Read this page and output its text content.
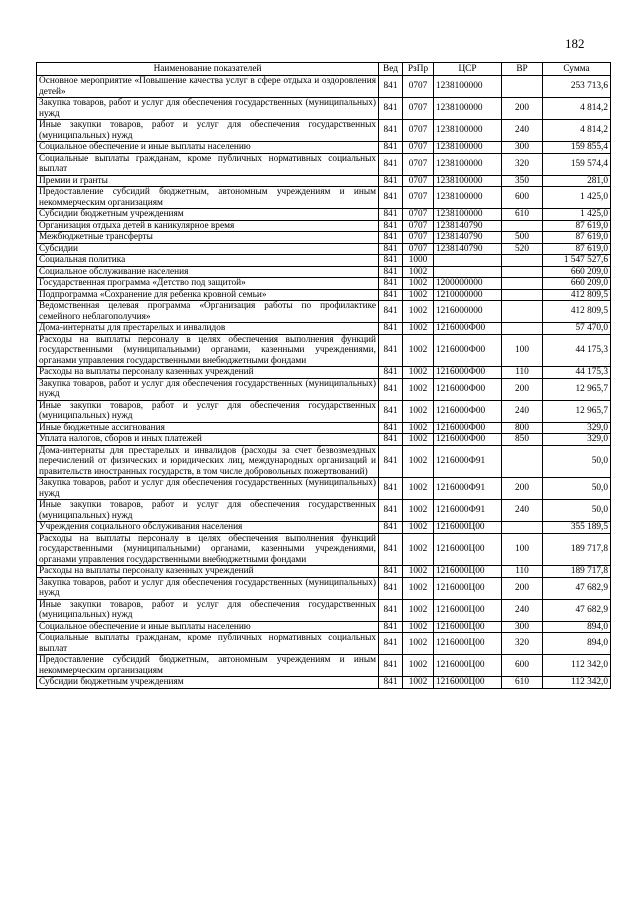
182
Наименование показателей	Вед	РзПр	ЦСР	ВР	Сумма
Основное мероприятие «Повышение качества услуг в сфере отдыха и оздоровления детей»	841	0707	1238100000		253 713,6
Закупка товаров, работ и услуг для обеспечения государственных (муниципальных) нужд	841	0707	1238100000	200	4 814,2
Иные закупки товаров, работ и услуг для обеспечения государственных (муниципальных) нужд	841	0707	1238100000	240	4 814,2
Социальное обеспечение и иные выплаты населению	841	0707	1238100000	300	159 855,4
Социальные выплаты гражданам, кроме публичных нормативных социальных выплат	841	0707	1238100000	320	159 574,4
Премии и гранты	841	0707	1238100000	350	281,0
Предоставление субсидий бюджетным, автономным учреждениям и иным некоммерческим организациям	841	0707	1238100000	600	1 425,0
Субсидии бюджетным учреждениям	841	0707	1238100000	610	1 425,0
Организация отдыха детей в каникулярное время	841	0707	1238140790		87 619,0
Межбюджетные трансферты	841	0707	1238140790	500	87 619,0
Субсидии	841	0707	1238140790	520	87 619,0
Социальная политика	841	1000			1 547 527,6
Социальное обслуживание населения	841	1002			660 209,0
Государственная программа «Детство под защитой»	841	1002	1200000000		660 209,0
Подпрограмма «Сохранение для ребенка кровной семьи»	841	1002	1210000000		412 809,5
Ведомственная целевая программа «Организация работы по профилактике семейного неблагополучия»	841	1002	1216000000		412 809,5
Дома-интернаты для престарелых и инвалидов	841	1002	1216000Ф00		57 470,0
Расходы на выплаты персоналу в целях обеспечения выполнения функций государственными (муниципальными) органами, казенными учреждениями, органами управления государственными внебюджетными фондами	841	1002	1216000Ф00	100	44 175,3
Расходы на выплаты персоналу казенных учреждений	841	1002	1216000Ф00	110	44 175,3
Закупка товаров, работ и услуг для обеспечения государственных (муниципальных) нужд	841	1002	1216000Ф00	200	12 965,7
Иные закупки товаров, работ и услуг для обеспечения государственных (муниципальных) нужд	841	1002	1216000Ф00	240	12 965,7
Иные бюджетные ассигнования	841	1002	1216000Ф00	800	329,0
Уплата налогов, сборов и иных платежей	841	1002	1216000Ф00	850	329,0
Дома-интернаты для престарелых и инвалидов (расходы за счет безвозмездных перечислений от физических и юридических лиц, международных организаций и правительств иностранных государств, в том числе добровольных пожертвований)	841	1002	1216000Ф91		50,0
Закупка товаров, работ и услуг для обеспечения государственных (муниципальных) нужд	841	1002	1216000Ф91	200	50,0
Иные закупки товаров, работ и услуг для обеспечения государственных (муниципальных) нужд	841	1002	1216000Ф91	240	50,0
Учреждения социального обслуживания населения	841	1002	1216000Ц00		355 189,5
Расходы на выплаты персоналу в целях обеспечения выполнения функций государственными (муниципальными) органами, казенными учреждениями, органами управления государственными внебюджетными фондами	841	1002	1216000Ц00	100	189 717,8
Расходы на выплаты персоналу казенных учреждений	841	1002	1216000Ц00	110	189 717,8
Закупка товаров, работ и услуг для обеспечения государственных (муниципальных) нужд	841	1002	1216000Ц00	200	47 682,9
Иные закупки товаров, работ и услуг для обеспечения государственных (муниципальных) нужд	841	1002	1216000Ц00	240	47 682,9
Социальное обеспечение и иные выплаты населению	841	1002	1216000Ц00	300	894,0
Социальные выплаты гражданам, кроме публичных нормативных социальных выплат	841	1002	1216000Ц00	320	894,0
Предоставление субсидий бюджетным, автономным учреждениям и иным некоммерческим организациям	841	1002	1216000Ц00	600	112 342,0
Субсидии бюджетным учреждениям	841	1002	1216000Ц00	610	112 342,0
